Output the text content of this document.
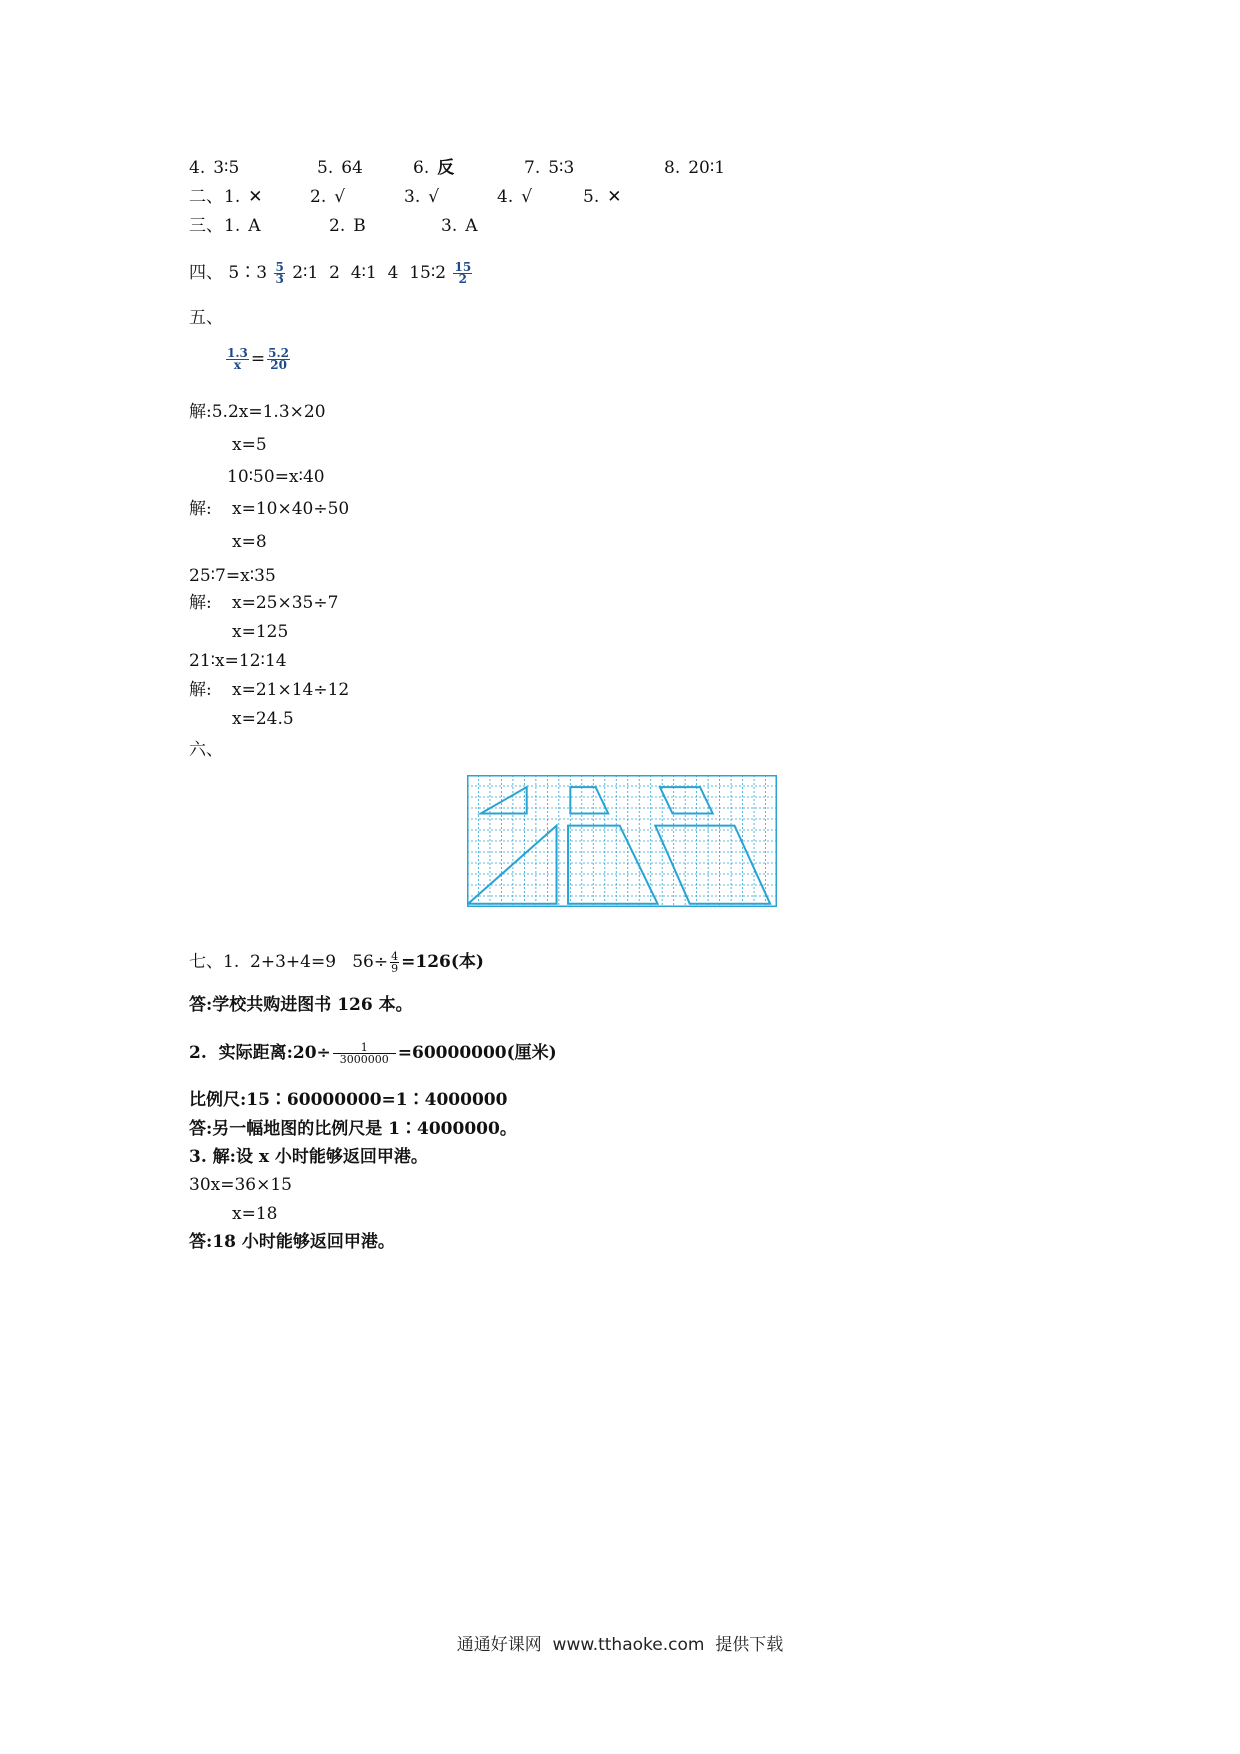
4. 3∶5	5. 64	6. 反	7. 5∶3	8. 20∶1
二、 1. ✕	2. √	3. √	4. √	5. ✕
三、 1. A	2. B	3. A
四、 5∶3 $\frac{5}{3}$ 2∶1  2  4∶1  4  15∶2 $\frac{15}{2}$
五、
$\frac{1.3}{x} = \frac{5.2}{20}$
解:5.2x=1.3×20
x=5
10∶50=x∶40
解: x=10×40÷50
x=8
25∶7=x∶35
解: x=25×35÷7
x=125
21∶x=12∶14
解: x=21×14÷12
x=24.5
六、
七、1.  2+3+4=9   $56\div \frac{4}{9} =126$(本)
答:学校共购进图书 126 本。
2.  实际距离:20÷ $\frac{1}{3000000} =60000000$(厘米)
比例尺:15∶60000000=1∶4000000
答:另一幅地图的比例尺是 1∶4000000。
3. 解:设 x 小时能够返回甲港。
30x=36×15
x=18
答:18 小时能够返回甲港。
通通好课网  www.tthaoke.com  提供下载
